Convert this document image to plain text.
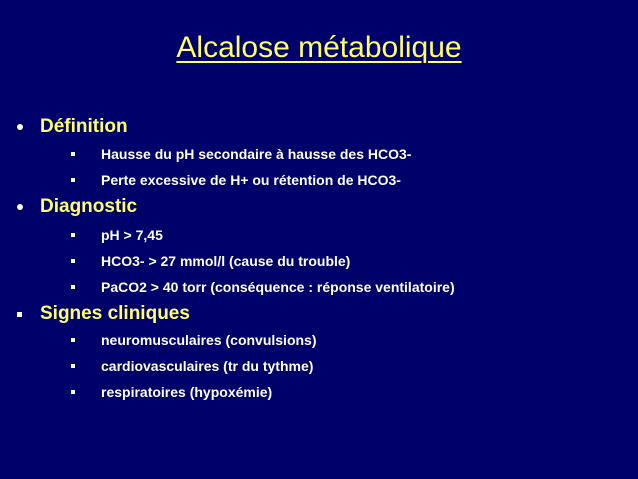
Alcalose métabolique
Définition
Hausse du pH secondaire à hausse des HCO3-
Perte excessive de H+ ou rétention de HCO3-
Diagnostic
pH > 7,45
HCO3- > 27 mmol/l (cause du trouble)
PaCO2 > 40 torr (conséquence : réponse ventilatoire)
Signes cliniques
neuromusculaires (convulsions)
cardiovasculaires (tr du tythme)
respiratoires (hypoxémie)
